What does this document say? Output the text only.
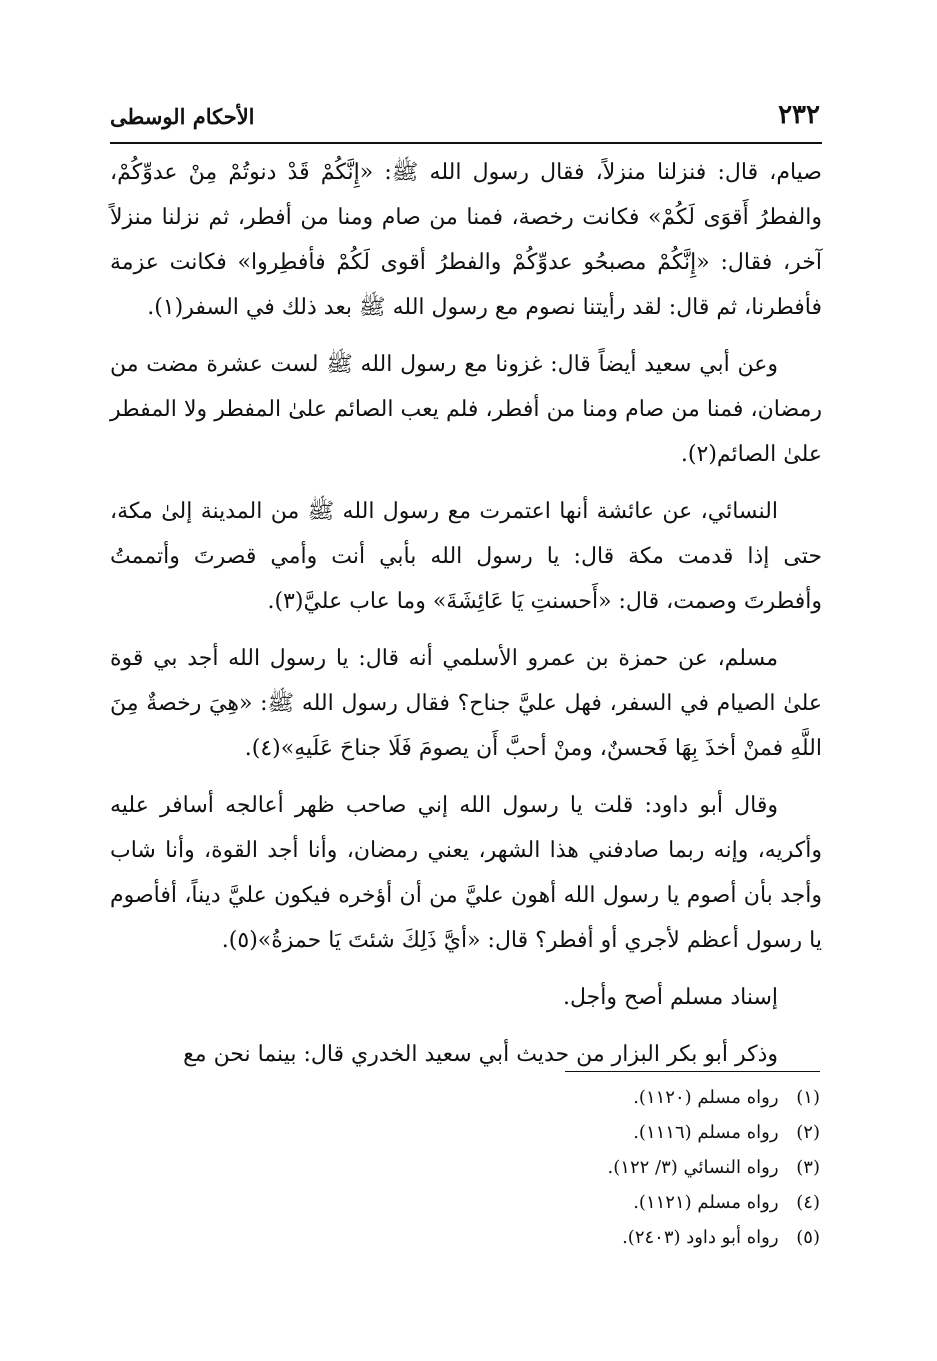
٢٣٢
الأحكام الوسطى

صيام، قال: فنزلنا منزلاً، فقال رسول الله ﷺ: «إِنَّكُمْ قَدْ دنوتُمْ مِنْ عدوِّكُمْ، والفطرُ أَقوَى لَكُمْ» فكانت رخصة، فمنا من صام ومنا من أفطر، ثم نزلنا منزلاً آخر، فقال: «إِنَّكُمْ مصبحُو عدوِّكُمْ والفطرُ أقوى لَكُمْ فأفطِروا» فكانت عزمة فأفطرنا، ثم قال: لقد رأيتنا نصوم مع رسول الله ﷺ بعد ذلك في السفر(١).

وعن أبي سعيد أيضاً قال: غزونا مع رسول الله ﷺ لست عشرة مضت من رمضان، فمنا من صام ومنا من أفطر، فلم يعب الصائم علىٰ المفطر ولا المفطر علىٰ الصائم(٢).

النسائي، عن عائشة أنها اعتمرت مع رسول الله ﷺ من المدينة إلىٰ مكة، حتى إذا قدمت مكة قال: يا رسول الله بأبي أنت وأمي قصرتَ وأتممتُ وأفطرتَ وصمت، قال: «أَحسنتِ يَا عَائِشَةَ» وما عاب عليَّ(٣).

مسلم، عن حمزة بن عمرو الأسلمي أنه قال: يا رسول الله أجد بي قوة علىٰ الصيام في السفر، فهل عليَّ جناح؟ فقال رسول الله ﷺ: «هِيَ رخصةٌ مِنَ اللَّهِ فمنْ أخذَ بِهَا فَحسنٌ، ومنْ أحبَّ أَن يصومَ فَلَا جناحَ عَلَيهِ»(٤).

وقال أبو داود: قلت يا رسول الله إني صاحب ظهر أعالجه أسافر عليه وأكريه، وإنه ربما صادفني هذا الشهر، يعني رمضان، وأنا أجد القوة، وأنا شاب وأجد بأن أصوم يا رسول الله أهون عليَّ من أن أؤخره فيكون عليَّ ديناً، أفأصوم يا رسول أعظم لأجري أو أفطر؟ قال: «أيَّ ذَلِكَ شئتَ يَا حمزةُ»(٥).

إسناد مسلم أصح وأجل.

وذكر أبو بكر البزار من حديث أبي سعيد الخدري قال: بينما نحن مع

(١) رواه مسلم (١١٢٠).
(٢) رواه مسلم (١١١٦).
(٣) رواه النسائي (٣/ ١٢٢).
(٤) رواه مسلم (١١٢١).
(٥) رواه أبو داود (٢٤٠٣).
